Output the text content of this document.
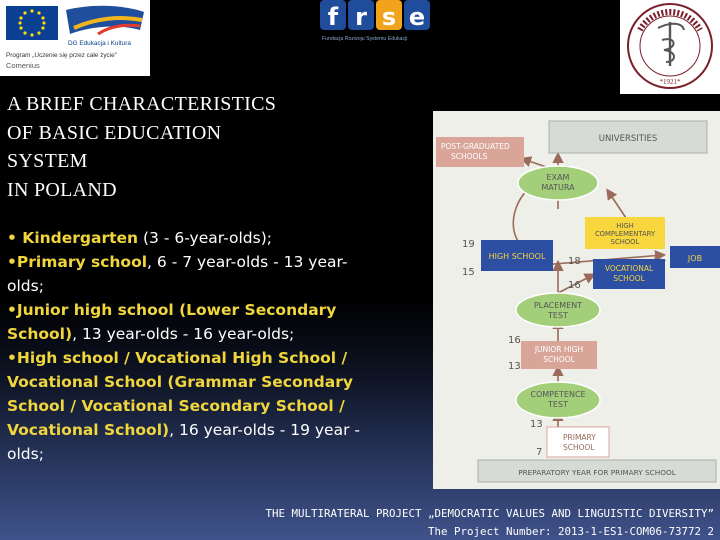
Program „Uczenie się przez całe życie”
DG Edukacja i Kultura
Comenius
f r s e
Fundacja Rozwoju Systemu Edukacji
*1921*
A BRIEF CHARACTERISTICS
OF BASIC EDUCATION
SYSTEM
IN POLAND

• Kindergarten (3 - 6-year-olds);

•Primary school, 6 - 7 year-olds - 13 year-olds;

•Junior high school (Lower Secondary School), 13 year-olds - 16 year-olds;

•High school / Vocational High School / Vocational School (Grammar Secondary School / Vocational Secondary School / Vocational School), 16 year-olds - 19 year -olds;

UNIVERSITIES
POST-GRADUATED
SCHOOLS
EXAM
MATURA
HIGH
COMPLEMENTARY
SCHOOL
HIGH SCHOOL	JOB
VOCATIONAL
SCHOOL
PLACEMENT
TEST
JUNIOR HIGH
SCHOOL
COMPETENCE
TEST
PRIMARY
SCHOOL
PREPARATORY YEAR FOR PRIMARY SCHOOL
19
15
18
16
16
13
13
7
THE MULTIRATERAL PROJECT „DEMOCRATIC VALUES AND LINGUISTIC DIVERSITY”
The Project Number: 2013-1-ES1-COM06-73772 2
